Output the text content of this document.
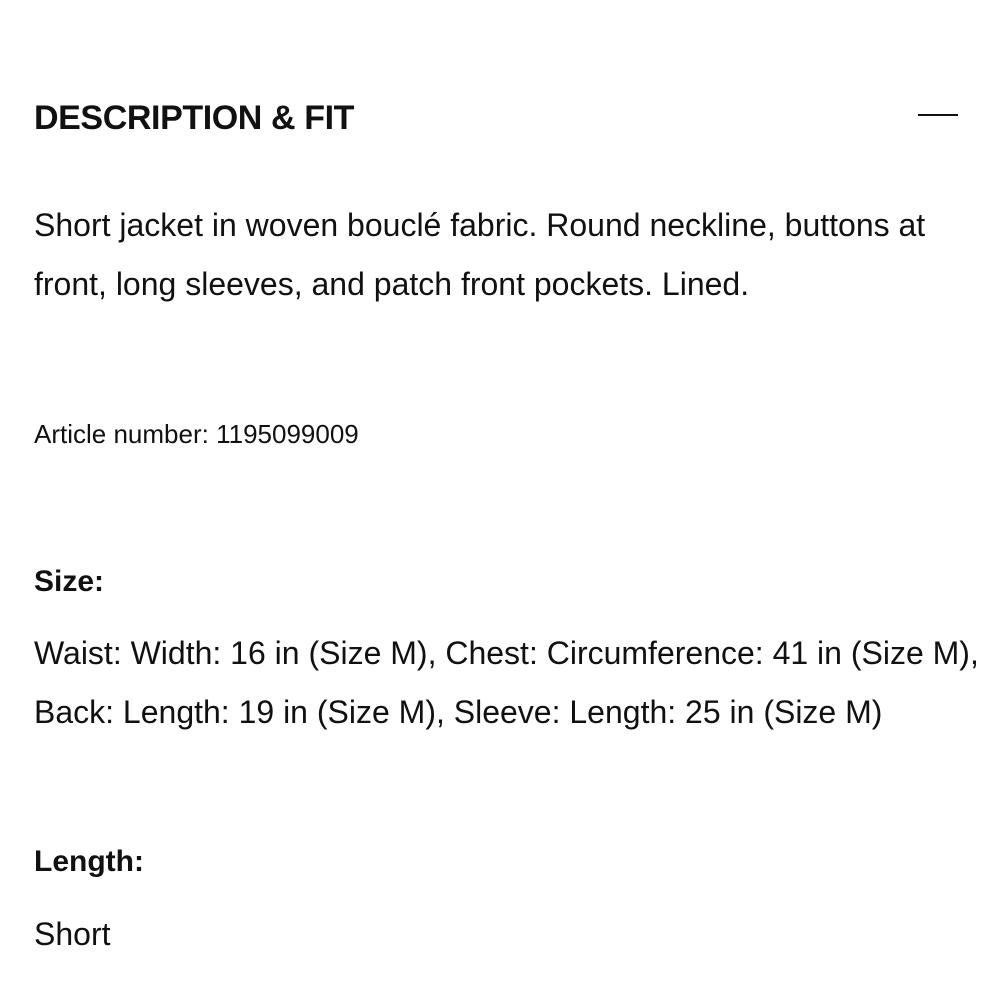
DESCRIPTION & FIT

Short jacket in woven bouclé fabric. Round neckline, buttons at front, long sleeves, and patch front pockets. Lined.

Article number: 1195099009

Size:

Waist: Width: 16 in (Size M), Chest: Circumference: 41 in (Size M), Back: Length: 19 in (Size M), Sleeve: Length: 25 in (Size M)

Length:

Short
